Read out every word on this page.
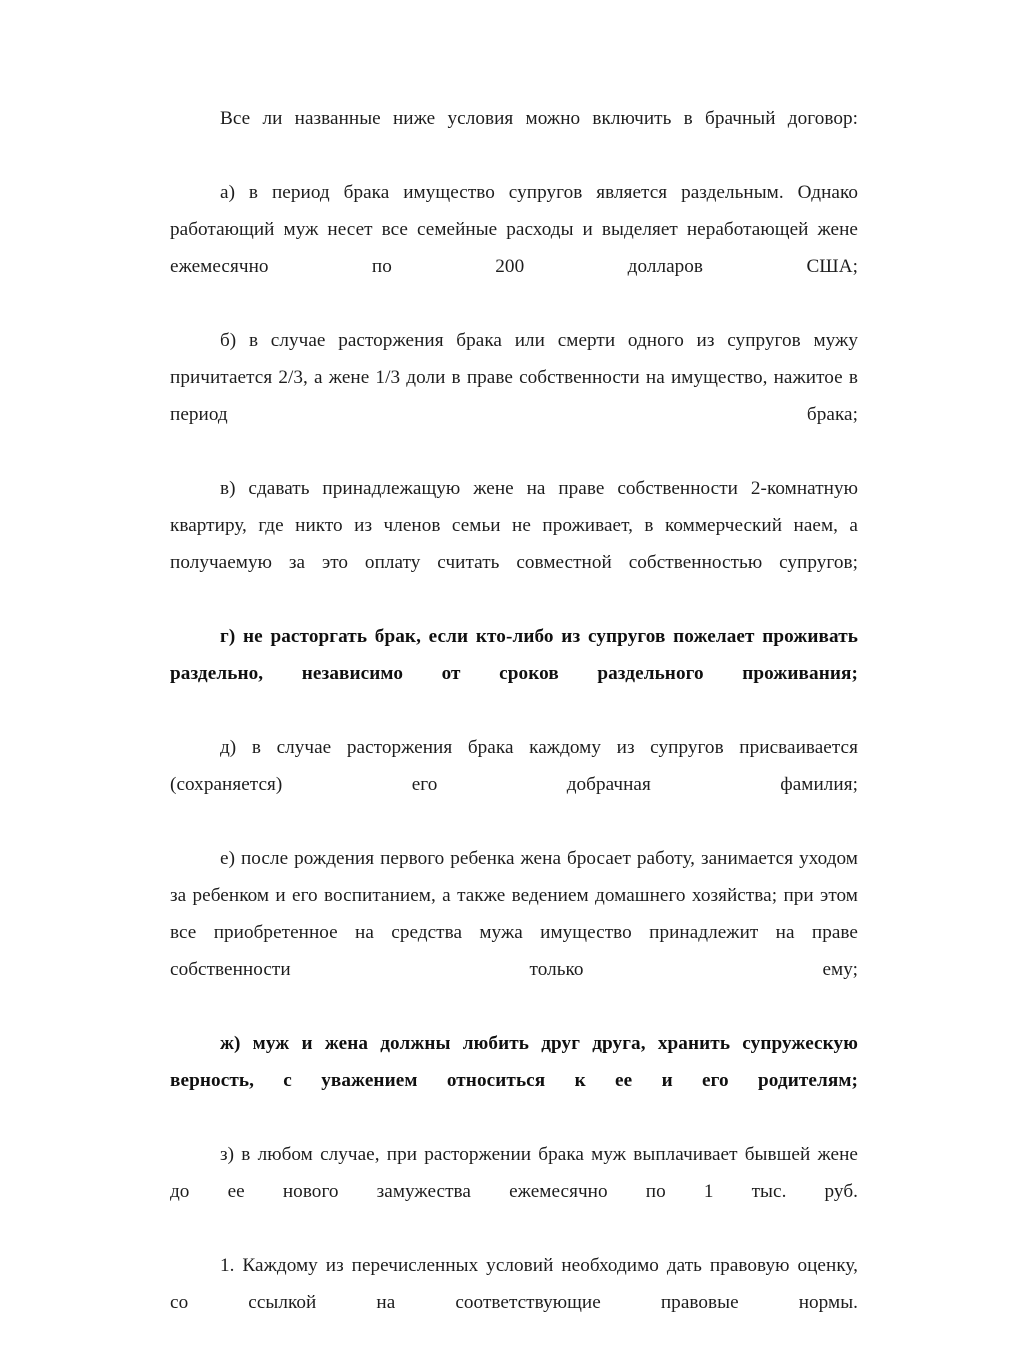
Все ли названные ниже условия можно включить в брачный договор:

а) в период брака имущество супругов является раздельным. Однако работающий муж несет все семейные расходы и выделяет неработающей жене ежемесячно по 200 долларов США;

б) в случае расторжения брака или смерти одного из супругов мужу причитается 2/3, а жене 1/3 доли в праве собственности на имущество, нажитое в период брака;

в) сдавать принадлежащую жене на праве собственности 2-комнатную квартиру, где никто из членов семьи не проживает, в коммерческий наем, а получаемую за это оплату считать совместной собственностью супругов;

г) не расторгать брак, если кто-либо из супругов пожелает проживать раздельно, независимо от сроков раздельного проживания;

д) в случае расторжения брака каждому из супругов присваивается (сохраняется) его добрачная фамилия;

е) после рождения первого ребенка жена бросает работу, занимается уходом за ребенком и его воспитанием, а также ведением домашнего хозяйства; при этом все приобретенное на средства мужа имущество принадлежит на праве собственности только ему;

ж) муж и жена должны любить друг друга, хранить супружескую верность, с уважением относиться к ее и его родителям;

з) в любом случае, при расторжении брака муж выплачивает бывшей жене до ее нового замужества ежемесячно по 1 тыс. руб.

1. Каждому из перечисленных условий необходимо дать правовую оценку, со ссылкой на соответствующие правовые нормы.
